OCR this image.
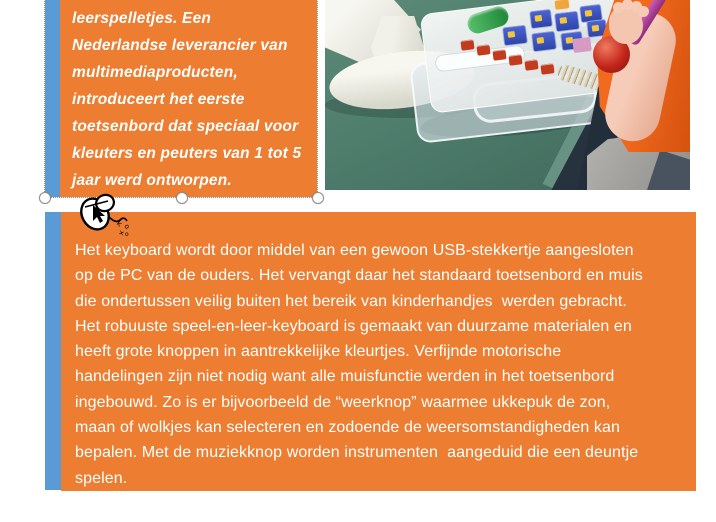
leerspelletjes. Een
Nederlandse leverancier van
multimediaproducten,
introduceert het eerste
toetsenbord dat speciaal voor
kleuters en peuters van 1 tot 5
jaar werd ontworpen.
k
o
× o
Het keyboard wordt door middel van een gewoon USB-stekkertje aangesloten
op de PC van de ouders. Het vervangt daar het standaard toetsenbord en muis
die ondertussen veilig buiten het bereik van kinderhandjes  werden gebracht.
Het robuuste speel-en-leer-keyboard is gemaakt van duurzame materialen en
heeft grote knoppen in aantrekkelijke kleurtjes. Verfijnde motorische
handelingen zijn niet nodig want alle muisfunctie werden in het toetsenbord
ingebouwd. Zo is er bijvoorbeeld de “weerknop” waarmee ukkepuk de zon,
maan of wolkjes kan selecteren en zodoende de weersomstandigheden kan
bepalen. Met de muziekknop worden instrumenten  aangeduid die een deuntje
spelen.
